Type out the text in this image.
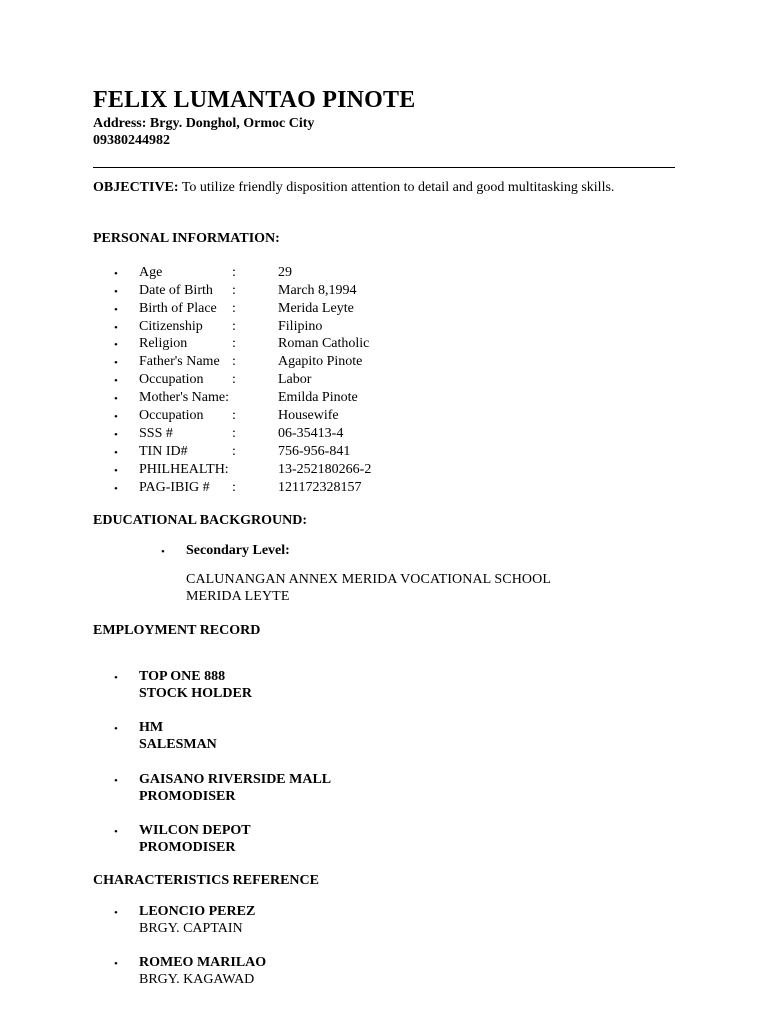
FELIX LUMANTAO PINOTE
Address: Brgy. Donghol, Ormoc City
09380244982
OBJECTIVE: To utilize friendly disposition attention to detail and good multitasking skills.
PERSONAL INFORMATION:
• Age	:	29
• Date of Birth :	March 8,1994
• Birth of Place :	Merida Leyte
• Citizenship :	Filipino
• Religion	:	Roman Catholic
• Father's Name :	Agapito Pinote
• Occupation :	Labor
• Mother's Name:	Emilda Pinote
• Occupation :	Housewife
• SSS #	:	06-35413-4
• TIN ID#	:	756-956-841
• PHILHEALTH:	13-252180266-2
• PAG-IBIG # :	121172328157
EDUCATIONAL BACKGROUND:
• Secondary Level:
CALUNANGAN ANNEX MERIDA VOCATIONAL SCHOOL
MERIDA LEYTE
EMPLOYMENT RECORD
• TOP ONE 888
STOCK HOLDER
• HM
SALESMAN
• GAISANO RIVERSIDE MALL
PROMODISER
• WILCON DEPOT
PROMODISER
CHARACTERISTICS REFERENCE
• LEONCIO PEREZ
BRGY. CAPTAIN
• ROMEO MARILAO
BRGY. KAGAWAD
